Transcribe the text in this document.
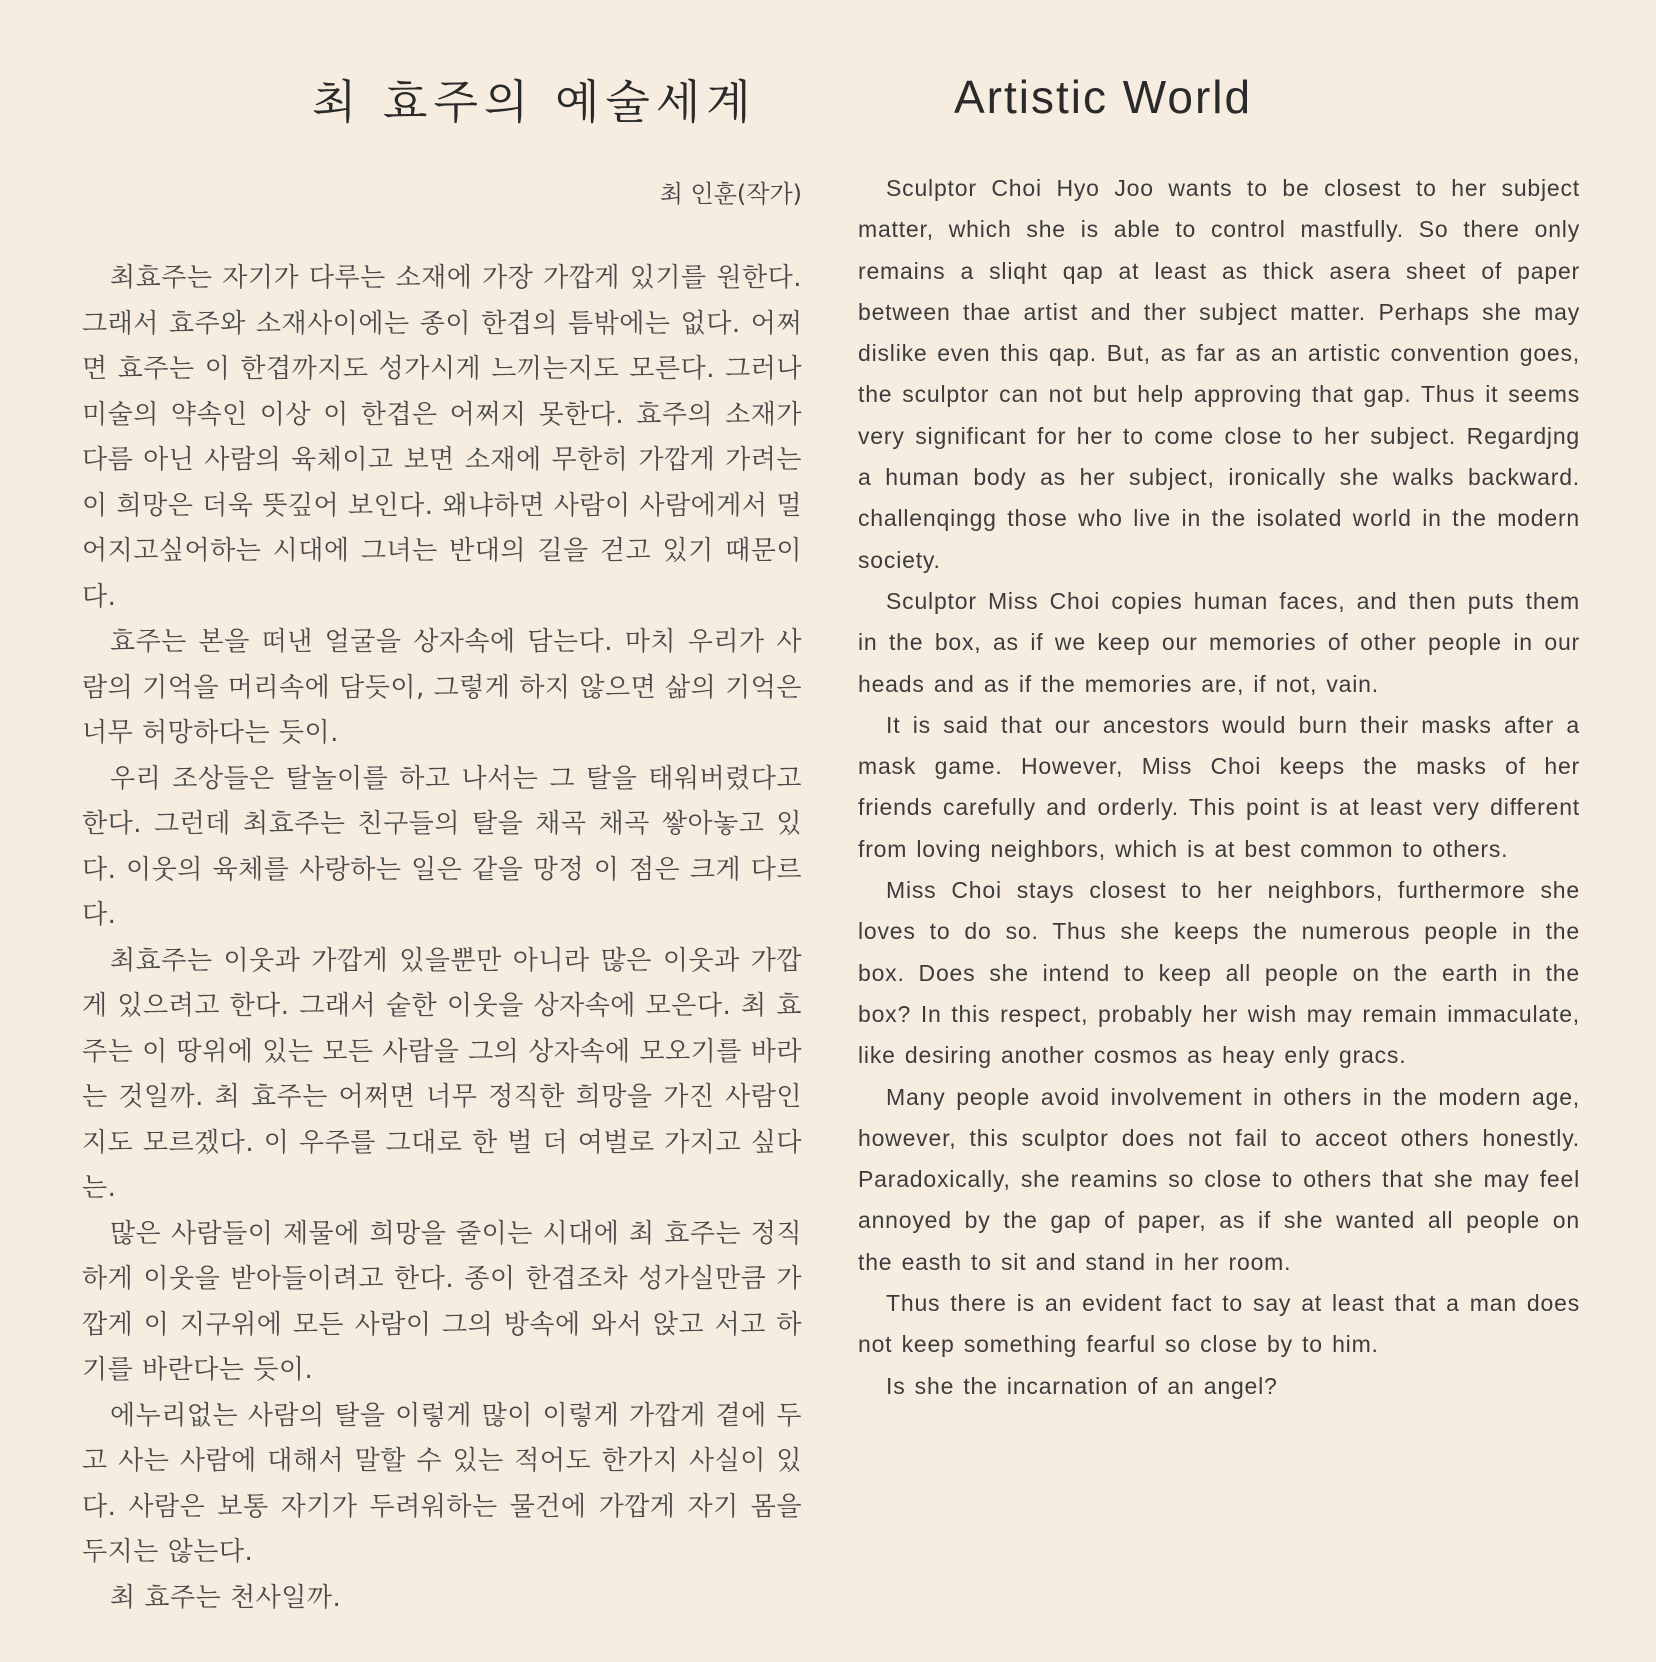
최 효주의 예술세계
최 인훈(작가)

최효주는 자기가 다루는 소재에 가장 가깝게 있기를 원한다. 그래서 효주와 소재사이에는 종이 한겹의 틈밖에는 없다. 어쩌면 효주는 이 한겹까지도 성가시게 느끼는지도 모른다. 그러나 미술의 약속인 이상 이 한겹은 어쩌지 못한다. 효주의 소재가 다름 아닌 사람의 육체이고 보면 소재에 무한히 가깝게 가려는 이 희망은 더욱 뜻깊어 보인다. 왜냐하면 사람이 사람에게서 멀어지고싶어하는 시대에 그녀는 반대의 길을 걷고 있기 때문이다.

효주는 본을 떠낸 얼굴을 상자속에 담는다. 마치 우리가 사람의 기억을 머리속에 담듯이, 그렇게 하지 않으면 삶의 기억은 너무 허망하다는 듯이.

우리 조상들은 탈놀이를 하고 나서는 그 탈을 태워버렸다고 한다. 그런데 최효주는 친구들의 탈을 채곡 채곡 쌓아놓고 있다. 이웃의 육체를 사랑하는 일은 같을 망정 이 점은 크게 다르다.

최효주는 이웃과 가깝게 있을뿐만 아니라 많은 이웃과 가깝게 있으려고 한다. 그래서 숱한 이웃을 상자속에 모은다. 최 효주는 이 땅위에 있는 모든 사람을 그의 상자속에 모오기를 바라는 것일까. 최 효주는 어쩌면 너무 정직한 희망을 가진 사람인지도 모르겠다. 이 우주를 그대로 한 벌 더 여벌로 가지고 싶다는.

많은 사람들이 제물에 희망을 줄이는 시대에 최 효주는 정직하게 이웃을 받아들이려고 한다. 종이 한겹조차 성가실만큼 가깝게 이 지구위에 모든 사람이 그의 방속에 와서 앉고 서고 하기를 바란다는 듯이.

에누리없는 사람의 탈을 이렇게 많이 이렇게 가깝게 곁에 두고 사는 사람에 대해서 말할 수 있는 적어도 한가지 사실이 있다. 사람은 보통 자기가 두려워하는 물건에 가깝게 자기 몸을 두지는 않는다.

최 효주는 천사일까.

Artistic World

Sculptor Choi Hyo Joo wants to be closest to her subject matter, which she is able to control mastfully. So there only remains a sliqht qap at least as thick asera sheet of paper between thae artist and ther subject matter. Perhaps she may dislike even this qap. But, as far as an artistic convention goes, the sculptor can not but help approving that gap. Thus it seems very significant for her to come close to her subject. Regardjng a human body as her subject, ironically she walks backward. challenqingg those who live in the isolated world in the modern society.

Sculptor Miss Choi copies human faces, and then puts them in the box, as if we keep our memories of other people in our heads and as if the memories are, if not, vain.

It is said that our ancestors would burn their masks after a mask game. However, Miss Choi keeps the masks of her friends carefully and orderly. This point is at least very different from loving neighbors, which is at best common to others.

Miss Choi stays closest to her neighbors, furthermore she loves to do so. Thus she keeps the numerous people in the box. Does she intend to keep all people on the earth in the box? In this respect, probably her wish may remain immaculate, like desiring another cosmos as heay enly gracs.

Many people avoid involvement in others in the modern age, however, this sculptor does not fail to acceot others honestly. Paradoxically, she reamins so close to others that she may feel annoyed by the gap of paper, as if she wanted all people on the easth to sit and stand in her room.

Thus there is an evident fact to say at least that a man does not keep something fearful so close by to him.

Is she the incarnation of an angel?
